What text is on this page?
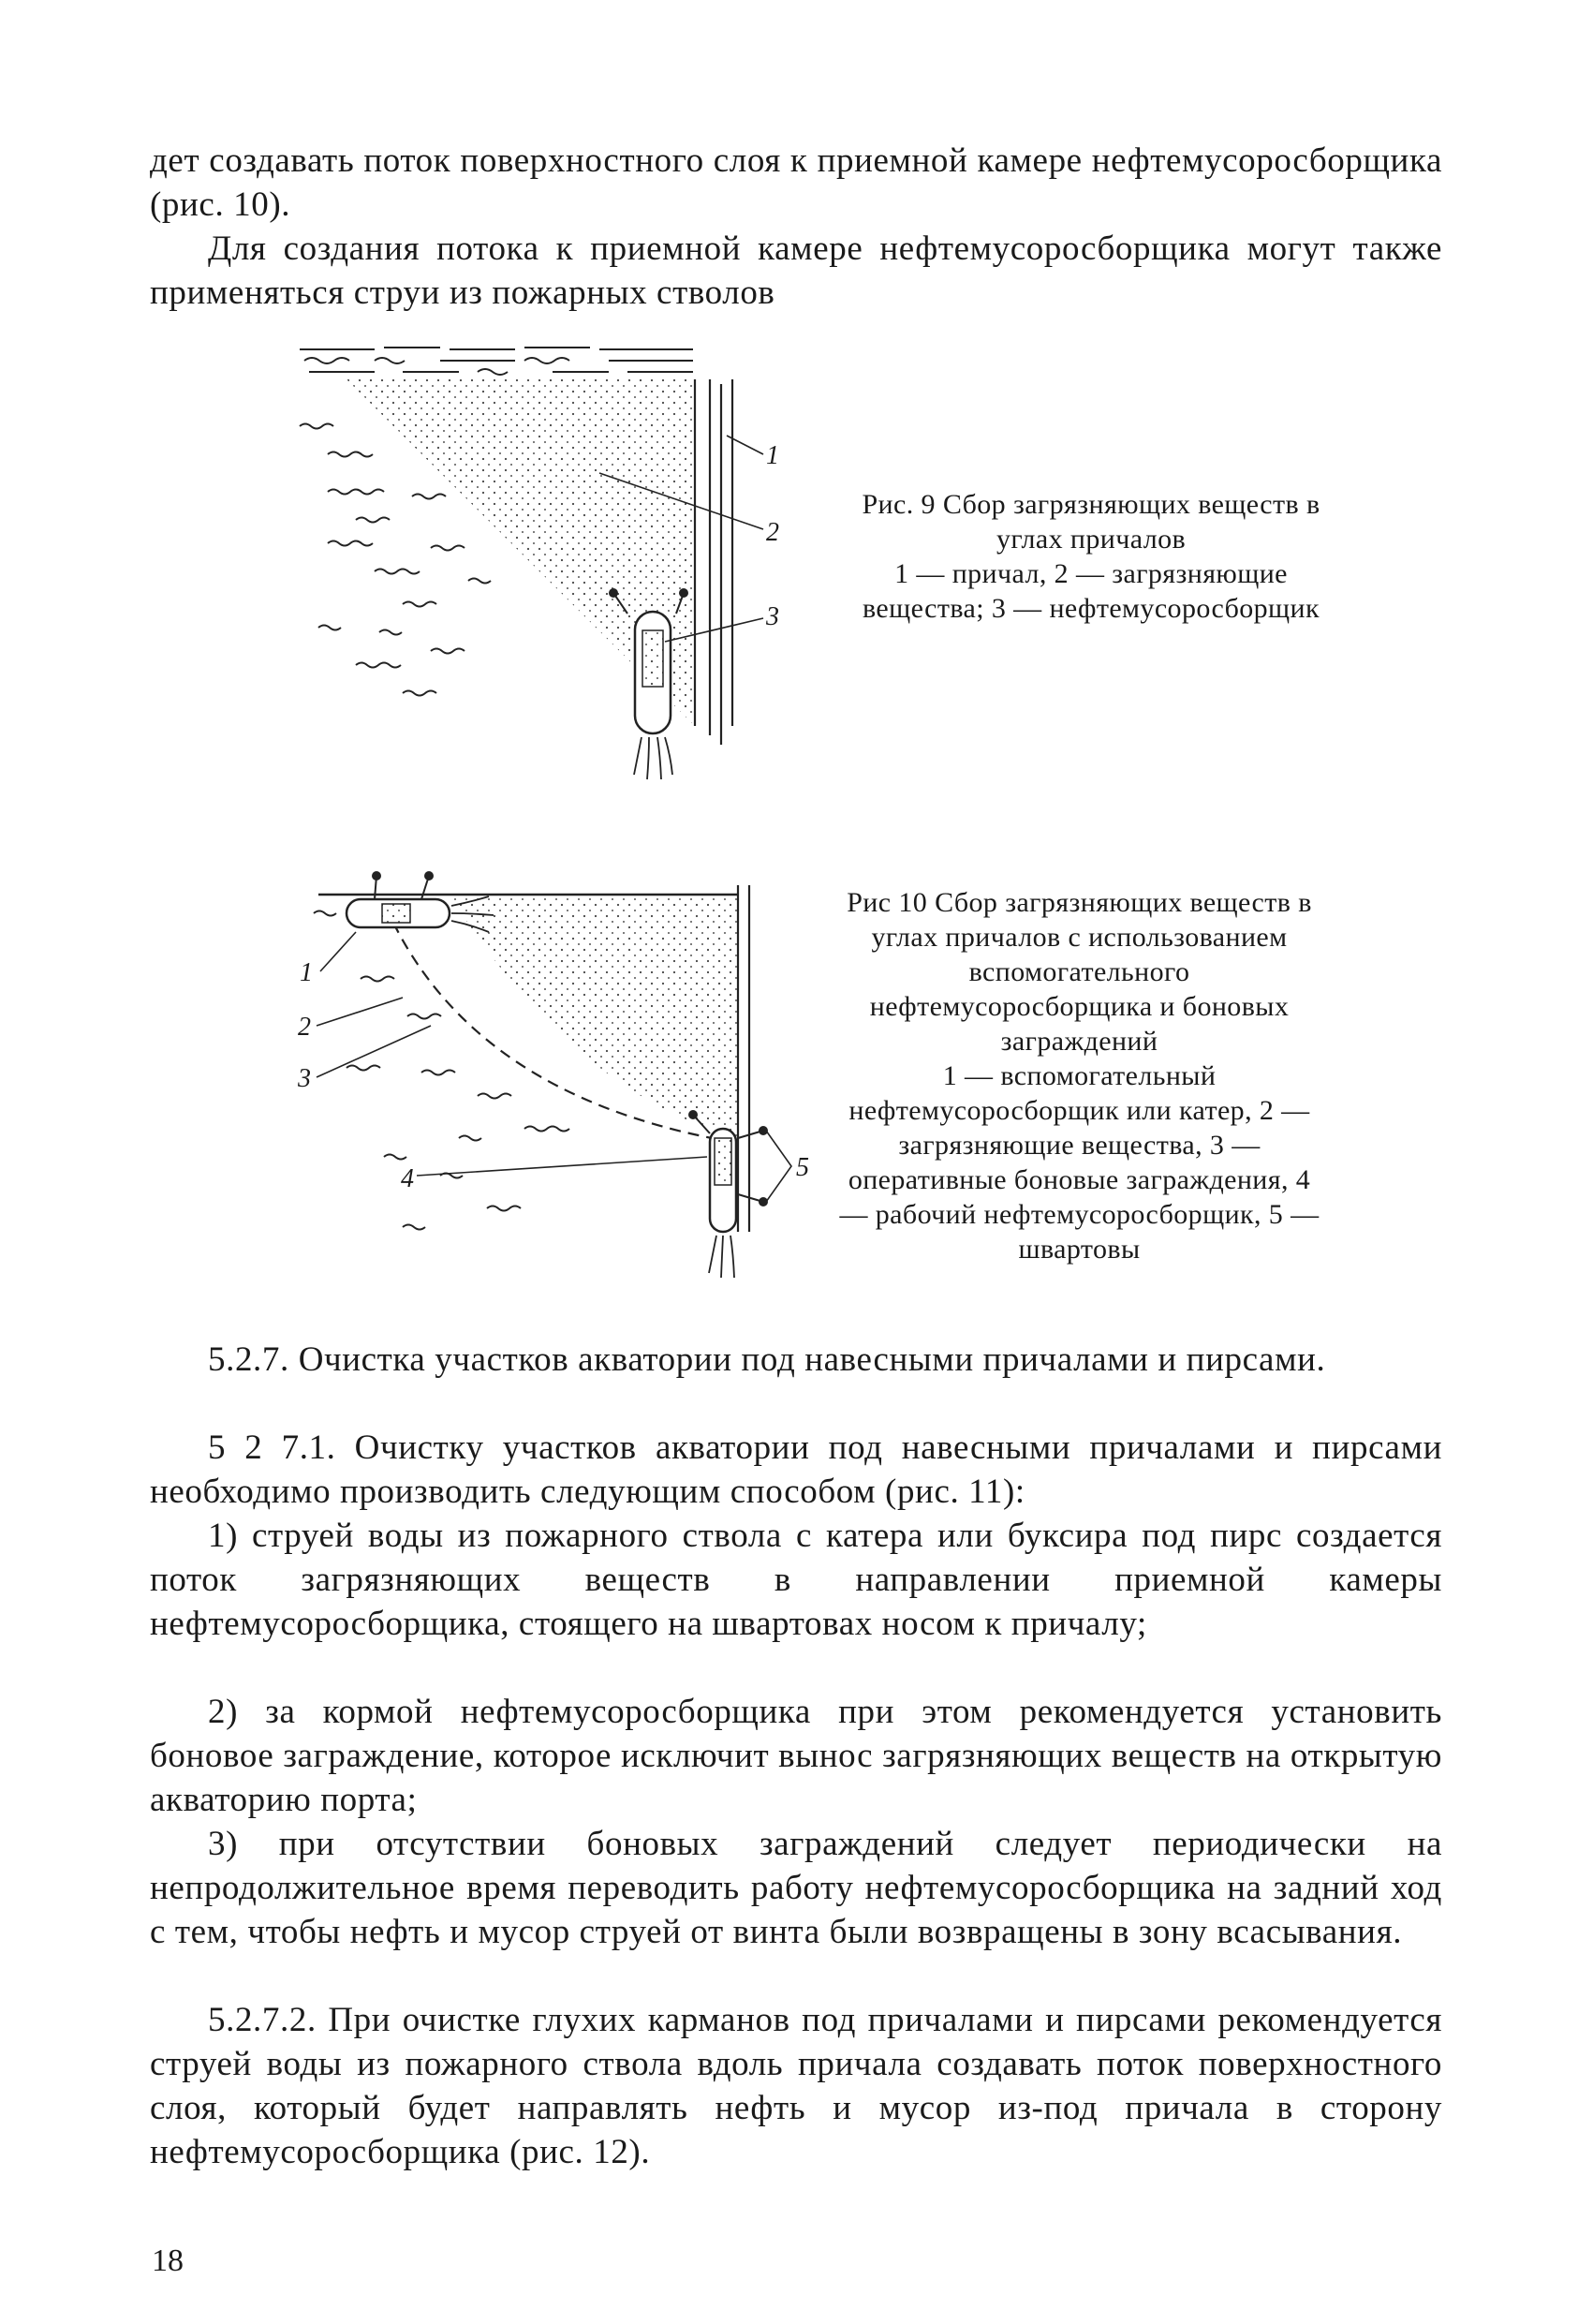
дет создавать поток поверхностного слоя к приемной камере нефтемусоросборщика (рис. 10).
Для создания потока к приемной камере нефтемусоросборщика могут также применяться струи из пожарных стволов
1
2
3
Рис. 9 Сбор загрязняющих веществ в углах причалов
1 — причал, 2 — загрязняющие вещества; 3 — нефтемусоросборщик
1
2
3
4	5
Рис 10 Сбор загрязняющих веществ в углах причалов с использованием вспомогательного нефтемусоросборщика и боновых заграждений
1 — вспомогательный нефтемусоросборщик или катер, 2 — загрязняющие вещества, 3 — оперативные боновые заграждения, 4 — рабочий нефтемусоросборщик, 5 — швартовы
5.2.7. Очистка участков акватории под навесными причалами и пирсами.
5 2 7.1. Очистку участков акватории под навесными причалами и пирсами необходимо производить следующим способом (рис. 11):
1) струей воды из пожарного ствола с катера или буксира под пирс создается поток загрязняющих веществ в направлении приемной камеры нефтемусоросборщика, стоящего на швартовах носом к причалу;
2) за кормой нефтемусоросборщика при этом рекомендуется установить боновое заграждение, которое исключит вынос загрязняющих веществ на открытую акваторию порта;
3) при отсутствии боновых заграждений следует периодически на непродолжительное время переводить работу нефтемусоросборщика на задний ход с тем, чтобы нефть и мусор струей от винта были возвращены в зону всасывания.
5.2.7.2. При очистке глухих карманов под причалами и пирсами рекомендуется струей воды из пожарного ствола вдоль причала создавать поток поверхностного слоя, который будет направлять нефть и мусор из-под причала в сторону нефтемусоросборщика (рис. 12).
18
